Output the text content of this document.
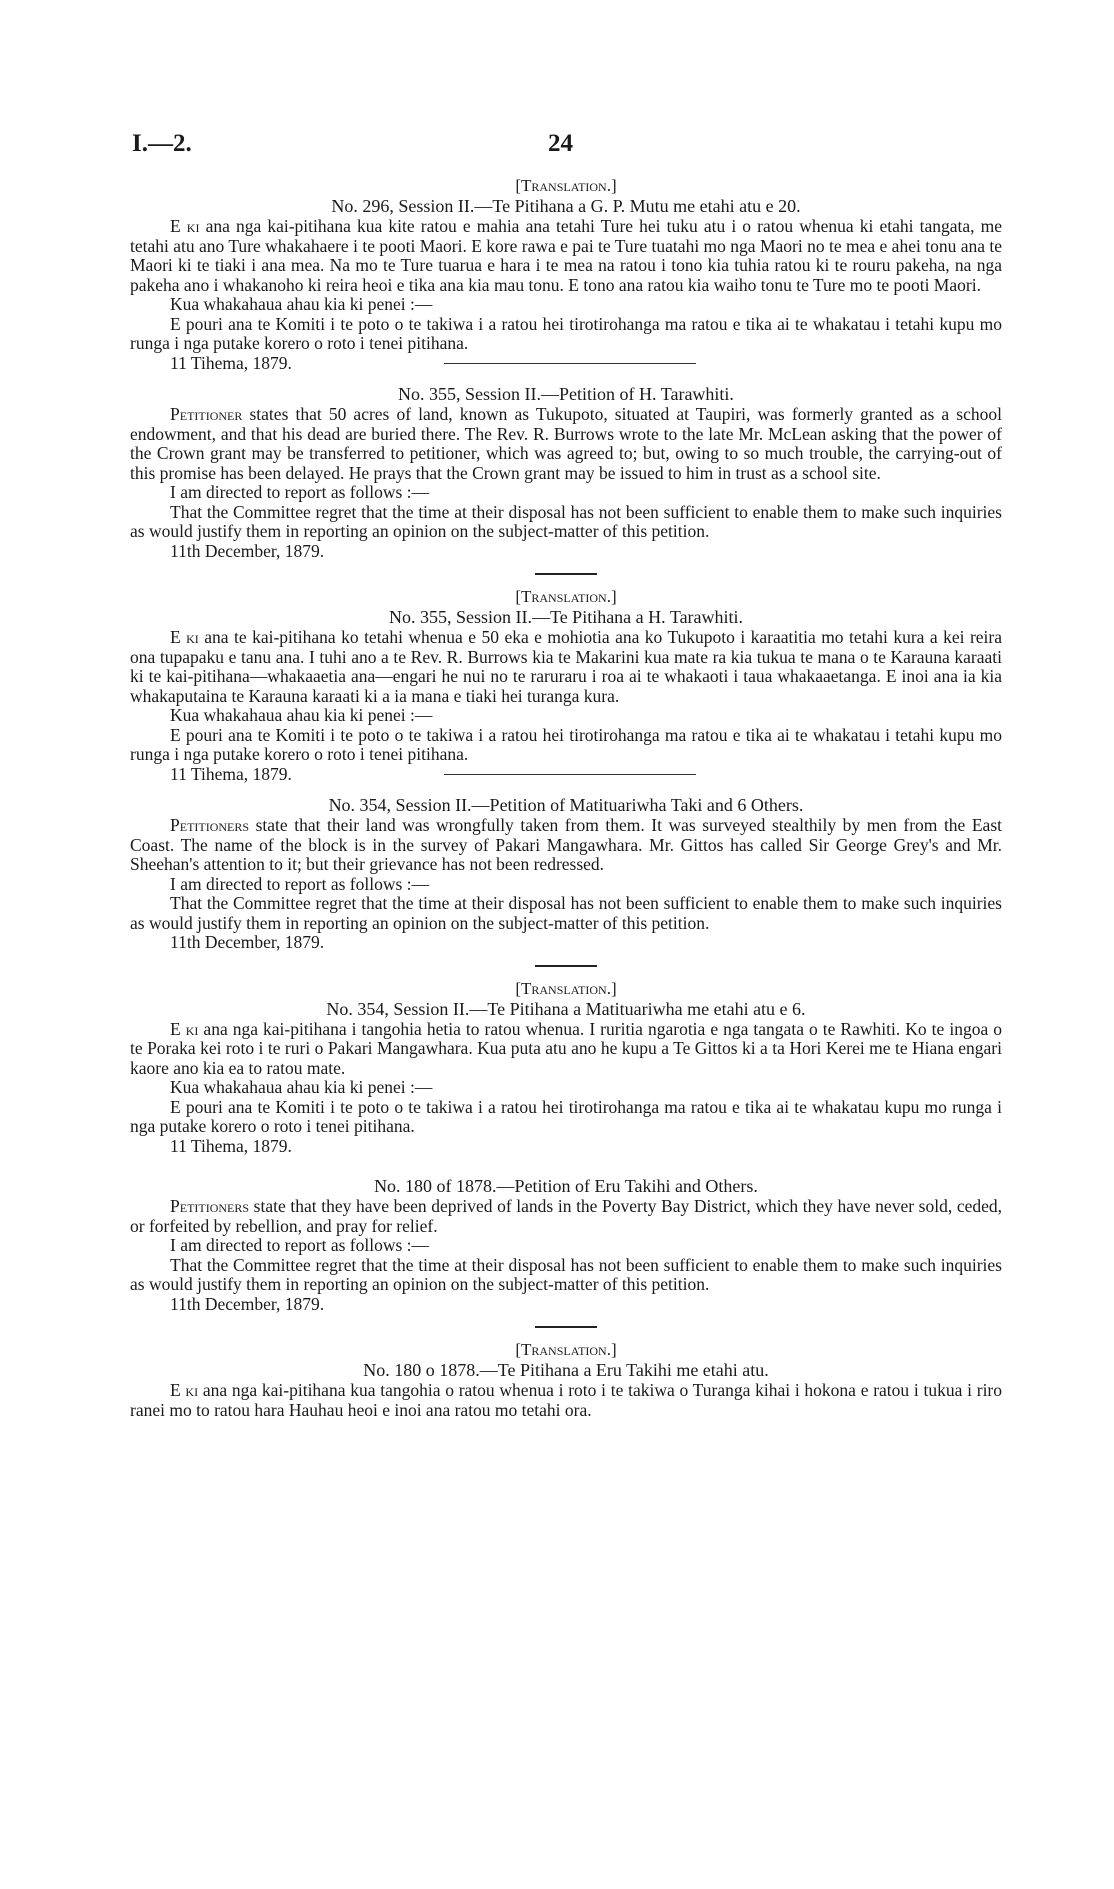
I.—2.	24

[Translation.]

No. 296, Session II.—Te Pitihana a G. P. Mutu me etahi atu e 20.

E ki ana nga kai-pitihana kua kite ratou e mahia ana tetahi Ture hei tuku atu i o ratou whenua ki etahi tangata, me tetahi atu ano Ture whakahaere i te pooti Maori. E kore rawa e pai te Ture tuatahi mo nga Maori no te mea e ahei tonu ana te Maori ki te tiaki i ana mea. Na mo te Ture tuarua e hara i te mea na ratou i tono kia tuhia ratou ki te rouru pakeha, na nga pakeha ano i whakanoho ki reira heoi e tika ana kia mau tonu. E tono ana ratou kia waiho tonu te Ture mo te pooti Maori.

Kua whakahaua ahau kia ki penei :—

E pouri ana te Komiti i te poto o te takiwa i a ratou hei tirotirohanga ma ratou e tika ai te whakatau i tetahi kupu mo runga i nga putake korero o roto i tenei pitihana.

11 Tihema, 1879.

No. 355, Session II.—Petition of H. Tarawhiti.

Petitioner states that 50 acres of land, known as Tukupoto, situated at Taupiri, was formerly granted as a school endowment, and that his dead are buried there. The Rev. R. Burrows wrote to the late Mr. McLean asking that the power of the Crown grant may be transferred to petitioner, which was agreed to; but, owing to so much trouble, the carrying-out of this promise has been delayed. He prays that the Crown grant may be issued to him in trust as a school site.

I am directed to report as follows :—

That the Committee regret that the time at their disposal has not been sufficient to enable them to make such inquiries as would justify them in reporting an opinion on the subject-matter of this petition.

11th December, 1879.

[Translation.]

No. 355, Session II.—Te Pitihana a H. Tarawhiti.

E ki ana te kai-pitihana ko tetahi whenua e 50 eka e mohiotia ana ko Tukupoto i karaatitia mo tetahi kura a kei reira ona tupapaku e tanu ana. I tuhi ano a te Rev. R. Burrows kia te Makarini kua mate ra kia tukua te mana o te Karauna karaati ki te kai-pitihana—whakaaetia ana—engari he nui no te raruraru i roa ai te whakaoti i taua whakaaetanga. E inoi ana ia kia whakaputaina te Karauna karaati ki a ia mana e tiaki hei turanga kura.

Kua whakahaua ahau kia ki penei :—

E pouri ana te Komiti i te poto o te takiwa i a ratou hei tirotirohanga ma ratou e tika ai te whakatau i tetahi kupu mo runga i nga putake korero o roto i tenei pitihana.

11 Tihema, 1879.

No. 354, Session II.—Petition of Matituariwha Taki and 6 Others.

Petitioners state that their land was wrongfully taken from them. It was surveyed stealthily by men from the East Coast. The name of the block is in the survey of Pakari Mangawhara. Mr. Gittos has called Sir George Grey's and Mr. Sheehan's attention to it; but their grievance has not been redressed.

I am directed to report as follows :—

That the Committee regret that the time at their disposal has not been sufficient to enable them to make such inquiries as would justify them in reporting an opinion on the subject-matter of this petition.

11th December, 1879.

[Translation.]

No. 354, Session II.—Te Pitihana a Matituariwha me etahi atu e 6.

E ki ana nga kai-pitihana i tangohia hetia to ratou whenua. I ruritia ngarotia e nga tangata o te Rawhiti. Ko te ingoa o te Poraka kei roto i te ruri o Pakari Mangawhara. Kua puta atu ano he kupu a Te Gittos ki a ta Hori Kerei me te Hiana engari kaore ano kia ea to ratou mate.

Kua whakahaua ahau kia ki penei :—

E pouri ana te Komiti i te poto o te takiwa i a ratou hei tirotirohanga ma ratou e tika ai te whakatau kupu mo runga i nga putake korero o roto i tenei pitihana.

11 Tihema, 1879.

No. 180 of 1878.—Petition of Eru Takihi and Others.

Petitioners state that they have been deprived of lands in the Poverty Bay District, which they have never sold, ceded, or forfeited by rebellion, and pray for relief.

I am directed to report as follows :—

That the Committee regret that the time at their disposal has not been sufficient to enable them to make such inquiries as would justify them in reporting an opinion on the subject-matter of this petition.

11th December, 1879.

[Translation.]

No. 180 o 1878.—Te Pitihana a Eru Takihi me etahi atu.

E ki ana nga kai-pitihana kua tangohia o ratou whenua i roto i te takiwa o Turanga kihai i hokona e ratou i tukua i riro ranei mo to ratou hara Hauhau heoi e inoi ana ratou mo tetahi ora.
